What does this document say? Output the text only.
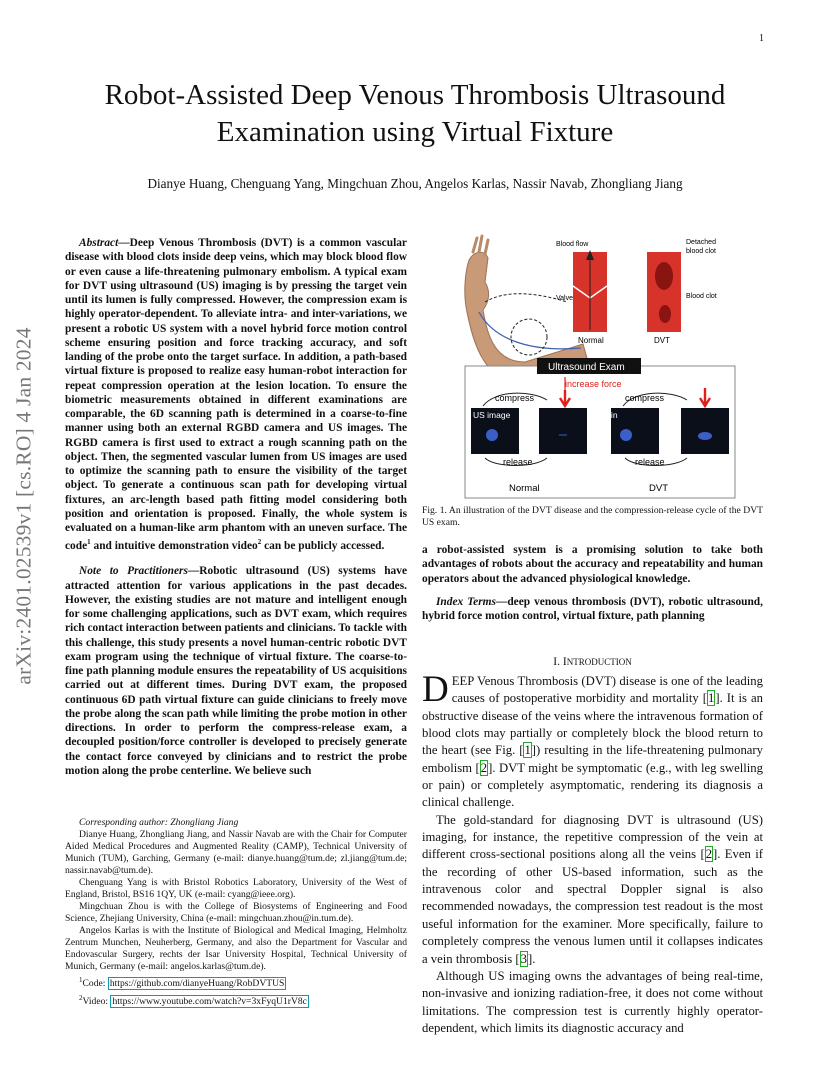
1
arXiv:2401.02539v1 [cs.RO] 4 Jan 2024
Robot-Assisted Deep Venous Thrombosis Ultrasound Examination using Virtual Fixture
Dianye Huang, Chenguang Yang, Mingchuan Zhou, Angelos Karlas, Nassir Navab, Zhongliang Jiang

Abstract—Deep Venous Thrombosis (DVT) is a common vascular disease with blood clots inside deep veins, which may block blood flow or even cause a life-threatening pulmonary embolism. A typical exam for DVT using ultrasound (US) imaging is by pressing the target vein until its lumen is fully compressed. However, the compression exam is highly operator-dependent. To alleviate intra- and inter-variations, we present a robotic US system with a novel hybrid force motion control scheme ensuring position and force tracking accuracy, and soft landing of the probe onto the target surface. In addition, a path-based virtual fixture is proposed to realize easy human-robot interaction for repeat compression operation at the lesion location. To ensure the biometric measurements obtained in different examinations are comparable, the 6D scanning path is determined in a coarse-to-fine manner using both an external RGBD camera and US images. The RGBD camera is first used to extract a rough scanning path on the object. Then, the segmented vascular lumen from US images are used to optimize the scanning path to ensure the visibility of the target object. To generate a continuous scan path for developing virtual fixtures, an arc-length based path fitting model considering both position and orientation is proposed. Finally, the whole system is evaluated on a human-like arm phantom with an uneven surface. The code$^1$ and intuitive demonstration video$^2$ can be publicly accessed.

Note to Practitioners—Robotic ultrasound (US) systems have attracted attention for various applications in the past decades. However, the existing studies are not mature and intelligent enough for some challenging applications, such as DVT exam, which requires rich contact interaction between patients and clinicians. To tackle with this challenge, this study presents a novel human-centric robotic DVT exam program using the technique of virtual fixture. The coarse-to-fine path planning module ensures the repeatability of US acquisitions carried out at different times. During DVT exam, the proposed continuous 6D path virtual fixture can guide clinicians to freely move the probe along the scan path while limiting the probe motion in other directions. In order to perform the compress-release exam, a decoupled position/force controller is developed to precisely generate the contact force conveyed by clinicians and to restrict the probe motion along the probe centerline. We believe such

Corresponding author: Zhongliang Jiang

Dianye Huang, Zhongliang Jiang, and Nassir Navab are with the Chair for Computer Aided Medical Procedures and Augmented Reality (CAMP), Technical University of Munich (TUM), Garching, Germany (e-mail: dianye.huang@tum.de; zl.jiang@tum.de; nassir.navab@tum.de).

Chenguang Yang is with Bristol Robotics Laboratory, University of the West of England, Bristol, BS16 1QY, UK (e-mail: cyang@ieee.org).

Mingchuan Zhou is with the College of Biosystems of Engineering and Food Science, Zhejiang University, China (e-mail: mingchuan.zhou@in.tum.de).

Angelos Karlas is with the Institute of Biological and Medical Imaging, Helmholtz Zentrum Munchen, Neuherberg, Germany, and also the Department for Vascular and Endovascular Surgery, rechts der Isar University Hospital, Technical University of Munich, Germany (e-mail: angelos.karlas@tum.de).

$^1$Code: https://github.com/dianyeHuang/RobDVTUS

$^2$Video: https://www.youtube.com/watch?v=3xFyqU1rV8c

Blood flow	Detached
blood clot
Blood clot
Valve
Normal	DVT
Ultrasound Exam
increase force
compress	compress
US image	Vein
release	release
Normal	DVT
Fig. 1. An illustration of the DVT disease and the compression-release cycle of the DVT US exam.

a robot-assisted system is a promising solution to take both advantages of robots about the accuracy and repeatability and human operators about the advanced physiological knowledge.

Index Terms—deep venous thrombosis (DVT), robotic ultrasound, hybrid force motion control, virtual fixture, path planning

I. INTRODUCTION

DEEP Venous Thrombosis (DVT) disease is one of the leading causes of postoperative morbidity and mortality [1]. It is an obstructive disease of the veins where the intravenous formation of blood clots may partially or completely block the blood return to the heart (see Fig. [1]) resulting in the life-threatening pulmonary embolism [2]. DVT might be symptomatic (e.g., with leg swelling or pain) or completely asymptomatic, rendering its diagnosis a clinical challenge.

The gold-standard for diagnosing DVT is ultrasound (US) imaging, for instance, the repetitive compression of the vein at different cross-sectional positions along all the veins [2]. Even if the recording of other US-based information, such as the intravenous color and spectral Doppler signal is also recommended nowadays, the compression test readout is the most useful information for the examiner. More specifically, failure to completely compress the venous lumen until it collapses indicates a vein thrombosis [3].

Although US imaging owns the advantages of being real-time, non-invasive and ionizing radiation-free, it does not come without limitations. The compression test is currently highly operator-dependent, which limits its diagnostic accuracy and
